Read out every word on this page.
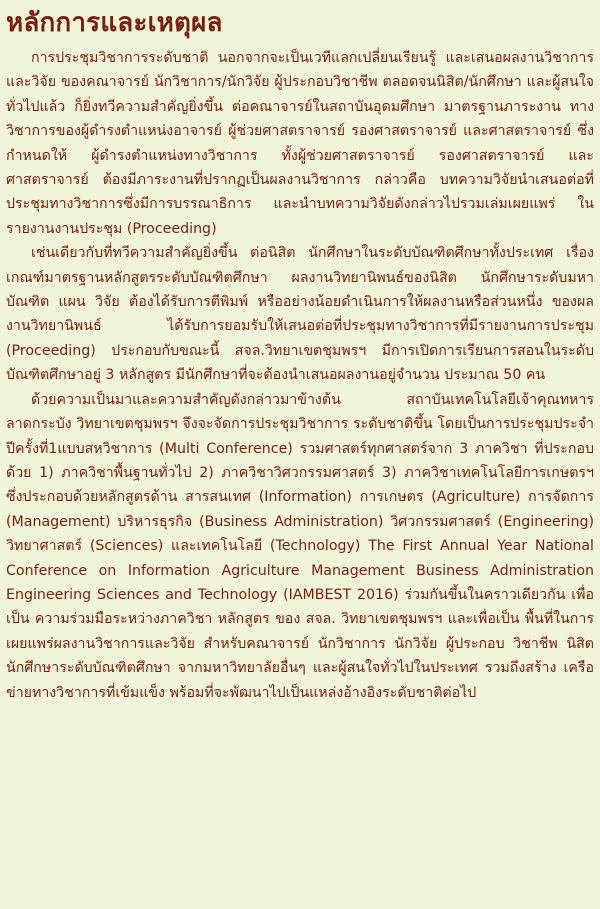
หลักการและเหตุผล

การประชุมวิชาการระดับชาติ นอกจากจะเป็นเวทีแลกเปลี่ยนเรียนรู้ และเสนอผลงานวิชาการและวิจัย ของคณาจารย์ นักวิชาการ/นักวิจัย ผู้ประกอบวิชาชีพ ตลอดจนนิสิต/นักศึกษา และผู้สนใจทั่วไปแล้ว ก็ยิ่งทวีความสำคัญยิ่งขึ้น ต่อคณาจารย์ในสถาบันอุดมศึกษา มาตรฐานภาระงาน ทางวิชาการของผู้ดำรงตำแหน่งอาจารย์ ผู้ช่วยศาสตราจารย์ รองศาสตราจารย์ และศาสตราจารย์ ซึ่งกำหนดให้ ผู้ดำรงตำแหน่งทางวิชาการ ทั้งผู้ช่วยศาสตราจารย์ รองศาสตราจารย์ และศาสตราจารย์ ต้องมีภาระงานที่ปรากฏเป็นผลงานวิชาการ กล่าวคือ บทความวิจัยนำเสนอต่อที่ประชุมทางวิชาการซึ่งมีการบรรณาธิการ และนำบทความวิจัยดังกล่าวไปรวมเล่มเผยแพร่ ในรายงานงานประชุม (Proceeding)

เช่นเดียวกับที่ทวีความสำคัญยิ่งขึ้น ต่อนิสิต นักศึกษาในระดับบัณฑิตศึกษาทั้งประเทศ เรื่องเกณฑ์มาตรฐานหลักสูตรระดับบัณฑิตศึกษา ผลงานวิทยานิพนธ์ของนิสิต นักศึกษาระดับมหาบัณฑิต แผน วิจัย ต้องได้รับการตีพิมพ์ หรืออย่างน้อยดำเนินการให้ผลงานหรือส่วนหนึ่ง ของผลงานวิทยานิพนธ์ ได้รับการยอมรับให้เสนอต่อที่ประชุมทางวิชาการที่มีรายงานการประชุม (Proceeding) ประกอบกับขณะนี้ สจล.วิทยาเขตชุมพรฯ มีการเปิดการเรียนการสอนในระดับบัณฑิตศึกษาอยู่ 3 หลักสูตร มีนักศึกษาที่จะต้องนำเสนอผลงานอยู่จำนวน ประมาณ 50 คน

ด้วยความเป็นมาและความสำคัญดังกล่าวมาข้างต้น สถาบันเทคโนโลยีเจ้าคุณทหารลาดกระบัง วิทยาเขตชุมพรฯ จึงจะจัดการประชุมวิชาการ ระดับชาติขึ้น โดยเป็นการประชุมประจำปีครั้งที่1แบบสหวิชาการ (Multi Conference) รวมศาสตร์ทุกศาสตร์จาก 3 ภาควิชา ที่ประกอบด้วย 1) ภาควิชาพื้นฐานทั่วไป 2) ภาควิชาวิศวกรรมศาสตร์ 3) ภาควิชาเทคโนโลยีการเกษตรฯ ซึ่งประกอบด้วยหลักสูตรด้าน สารสนเทศ (Information) การเกษตร (Agriculture) การจัดการ (Management) บริหารธุรกิจ (Business Administration) วิศวกรรมศาสตร์ (Engineering) วิทยาศาสตร์ (Sciences) และเทคโนโลยี (Technology) The First Annual Year National Conference on Information Agriculture Management Business Administration Engineering Sciences and Technology (IAMBEST 2016) ร่วมกันขึ้นในคราวเดียวกัน เพื่อเป็น ความร่วมมือระหว่างภาควิชา หลักสูตร ของ สจล. วิทยาเขตชุมพรฯ และเพื่อเป็น พื้นที่ในการ เผยแพร่ผลงานวิชาการและวิจัย สำหรับคณาจารย์ นักวิชาการ นักวิจัย ผู้ประกอบ วิชาชีพ นิสิต นักศึกษาระดับบัณฑิตศึกษา จากมหาวิทยาลัยอื่นๆ และผู้สนใจทั่วไปในประเทศ รวมถึงสร้าง เครือข่ายทางวิชาการที่เข้มแข็ง พร้อมที่จะพัฒนาไปเป็นแหล่งอ้างอิงระดับชาติต่อไป
